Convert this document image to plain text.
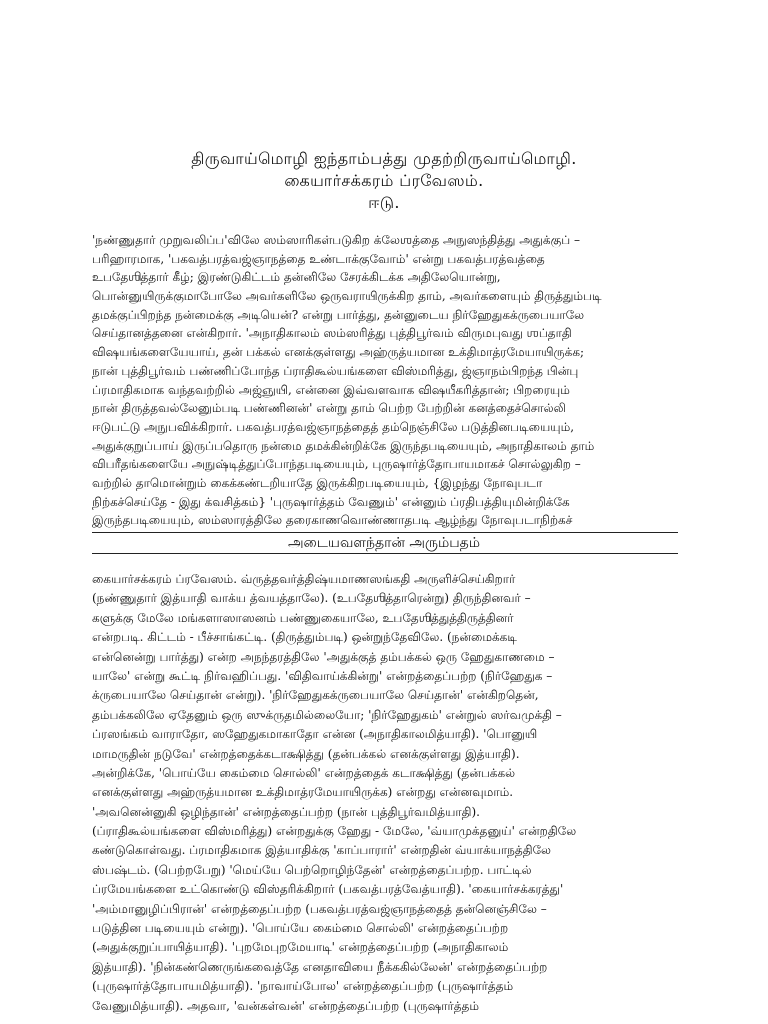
திருவாய்மொழி ஐந்தாம்பத்து முதற்றிருவாய்மொழி.
கையார்சக்கரம் ப்ரவேஸம்.
ஈடு.
'நண்ணுதார் முறுவலிப்ப'விலே ஸம்ஸாரிகள்படுகிற க்லேஶத்தை அநுஸந்தித்து அதுக்குப் –
பரிஹாரமாக, 'பகவத்பரத்வஜ்ஞாநத்தை உண்டாக்குவோம்' என்று பகவத்பரத்வத்தை
உபதேஶித்தார் கீழ்; இரண்டுகிட்டம் தன்னிலே சேரக்கிடக்க அதிலேயொன்று,
பொன்னுயிருக்குமாபோலே அவர்களிலே ஒருவராயிருக்கிற தாம், அவர்களையும் திருத்தும்படி
தமக்குப்பிறந்த நன்மைக்கு அடியென்? என்று பார்த்து, தன்னுடைய நிர்ஹேதுகக்ருபையாலே
செய்தானத்தனை என்கிறார். 'அநாதிகாலம் ஸம்ஸரித்து புத்திபூர்வம் விருமபுவது ஶப்தாதி
விஷயங்களையேயாய், தன் பக்கல் எனக்குள்ளது அஹ்ருத்யமான உக்திமாத்ரமேயாயிருக்க;
நான் புத்திபூர்வம் பண்ணிப்போந்த ப்ராதிகூல்யங்களை விஸ்மரித்து, ஜ்ஞாநம்பிறந்த பின்பு
ப்ரமாதிகமாக வந்தவற்றில் அஜ்ஞுயி, என்னை இவ்வளவாக விஷயீகரித்தான்; பிறரையும்
நான் திருத்தவல்லேனும்படி பண்ணினன்' என்று தாம் பெற்ற பேற்றின் கனத்தைச்சொல்லி
ஈடுபட்டு அநுபவிக்கிறார். பகவத்பரத்வஜ்ஞாநத்தைத் தம்நெஞ்சிலே படுத்தினபடியையும்,
அதுக்குறுப்பாய் இருப்பதொரு நன்மை தமக்கின்றிக்கே இருந்தபடியையும், அநாதிகாலம் தாம்
விபரீதங்களையே அநுஷ்டித்துப்போந்தபடியையும், புருஷார்த்தோபாயமாகச் சொல்லுகிற –
வற்றில் தாமொன்றும் கைக்கண்டறியாதே இருக்கிறபடியையும், {இழந்து நோவுபடா
நிற்கச்செய்தே - இது க்வசித்கம்} 'புருஷார்த்தம் வேணும்' என்னும் ப்ரதிபத்தியுமின்றிக்கே
இருந்தபடியையும், ஸம்ஸாரத்திலே தரைகாணவொண்ணாதபடி ஆழ்ந்து நோவுபடாநிற்கச்
அடையவளந்தான் அரும்பதம்
கையார்சக்கரம் ப்ரவேஸம். வ்ருத்தவர்த்திஷ்யமாணஸங்கதி அருளிச்செய்கிறார்
(நண்ணுதார் இத்யாதி வாக்ய த்வயத்தாலே). (உபதேஶித்தாரென்று) திருந்தினவர் –
களுக்கு மேலே மங்களாஸாஸனம் பண்ணுகையாலே, உபதேஶித்துத்திருத்தினர்
என்றபடி. கிட்டம் - பீச்சாங்கட்டி. (திருத்தும்படி) ஒன்றுந்தேவிலே. (நன்மைக்கடி
என்னென்று பார்த்து) என்ற அநந்தரத்திலே 'அதுக்குத் தம்பக்கல் ஒரு ஹேதுகாணமை –
யாலே' என்று கூட்டி நிர்வஹிப்பது. 'விதிவாய்க்கின்று' என்றத்தைப்பற்ற (நிர்ஹேதுக –
க்ருபையாலே செய்தான் என்று). 'நிர்ஹேதுகக்ருபையாலே செய்தான்' என்கிறதென்,
தம்பக்கலிலே ஏதேனும் ஒரு ஸுக்ருதமில்லையோ; 'நிர்ஹேதுகம்' என்றுல் ஸர்வமுக்தி –
ப்ரஸங்கம் வாராதோ, ஸஹேதுகமாகாதோ என்ன (அநாதிகாலமித்யாதி). 'பொனுயி
மாமருதின் நடுவே' என்றத்தைக்கடாக்ஷித்து (தன்பக்கல் எனக்குள்ளது இத்யாதி).
அன்றிக்கே, 'பொய்யே கைம்மை சொல்லி' என்றத்தைக் கடாக்ஷித்து (தன்பக்கல்
எனக்குள்ளது அஹ்ருத்யமான உக்திமாத்ரமேயாயிருக்க) என்றது என்னவுமாம்.
'அவனென்னுகி ஒழிந்தான்' என்றத்தைப்பற்ற (நான் புத்திபூர்வமித்யாதி).
(ப்ராதிகூல்யங்களை விஸ்மரித்து) என்றதுக்கு ஹேது - மேலே, 'வ்யாமுக்தனுய்' என்றதிலே
கண்டுகொள்வது. ப்ரமாதிகமாக இத்யாதிக்கு 'காப்பாரார்' என்றதின் வ்யாக்யாநத்திலே
ஸ்பஷ்டம். (பெற்றபேறு) 'மெய்யே பெற்றொழிந்தேன்' என்றத்தைப்பற்ற. பாட்டில்
ப்ரமேயங்களை உட்கொண்டு விஸ்தரிக்கிறார் (பகவத்பரத்வேத்யாதி). 'கையார்சக்கரத்து'
'அம்மானுழிப்பிரான்' என்றத்தைப்பற்ற (பகவத்பரத்வஜ்ஞாநத்தைத் தன்னெஞ்சிலே –
படுத்தின படியையும் என்று). 'பொய்யே கைம்மை சொல்லி' என்றத்தைப்பற்ற
(அதுக்குறுப்பாயித்யாதி). 'புறமேபுறமேயாடி' என்றத்தைப்பற்ற (அநாதிகாலம்
இத்யாதி). 'நின்கண்ணெருங்கவைத்தே எனதாவியை நீக்ககில்லேன்' என்றத்தைப்பற்ற
(புருஷார்த்தோபாயமித்யாதி). 'நாவாய்போல' என்றத்தைப்பற்ற (புருஷார்த்தம்
வேணுமித்யாதி). அதவா, 'வன்கள்வன்' என்றத்தைப்பற்ற (புருஷார்த்தம்
